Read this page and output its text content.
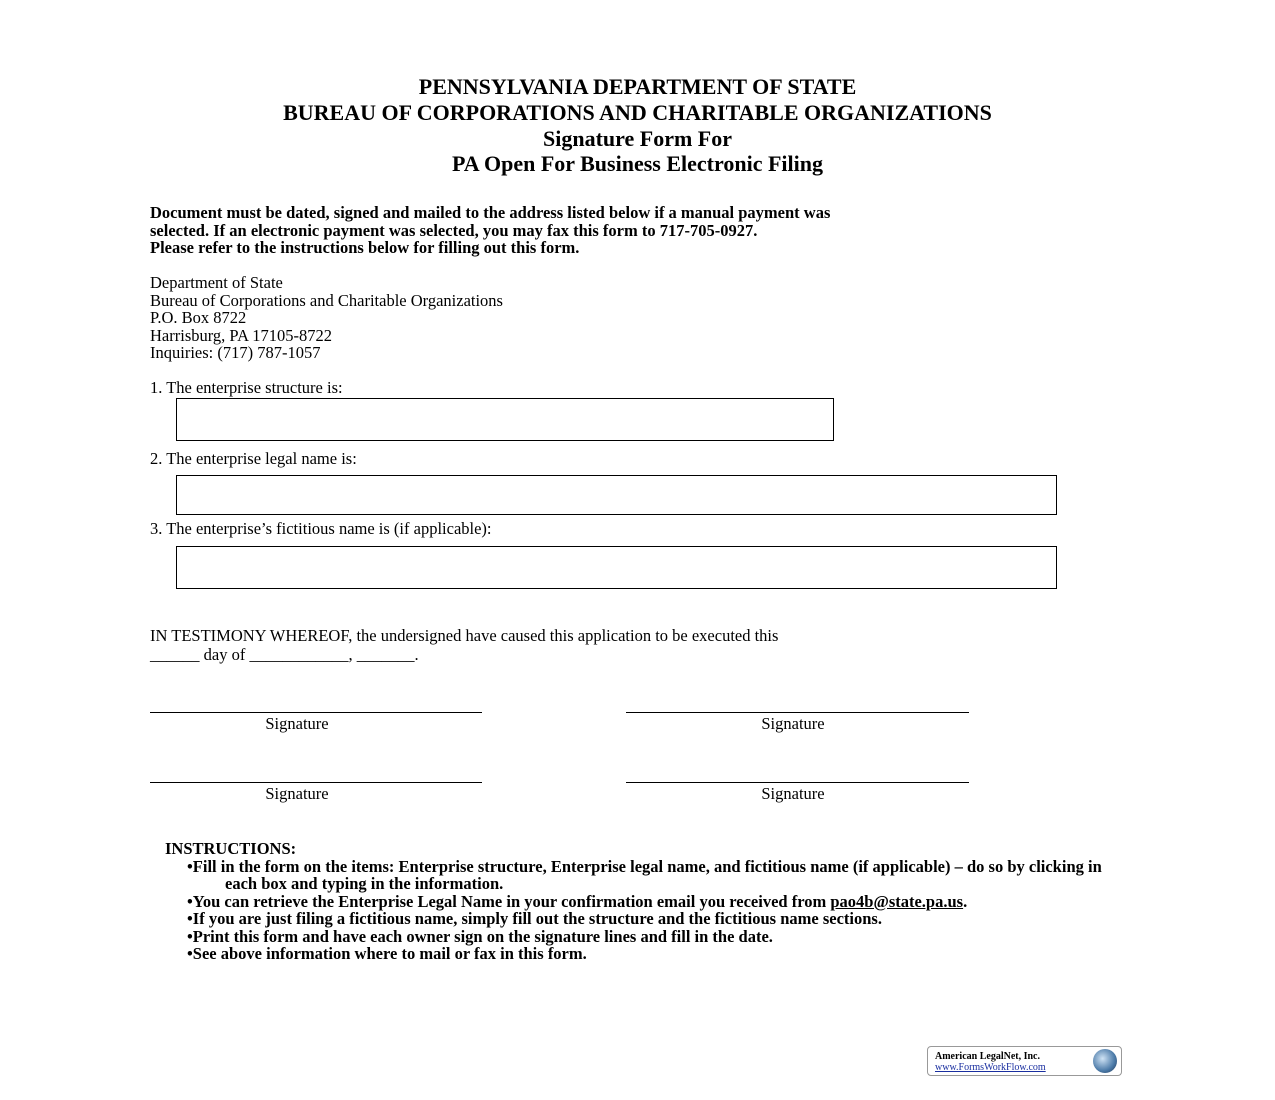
PENNSYLVANIA DEPARTMENT OF STATE
BUREAU OF CORPORATIONS AND CHARITABLE ORGANIZATIONS
Signature Form For
PA Open For Business Electronic Filing
Document must be dated, signed and mailed to the address listed below if a manual payment was
selected. If an electronic payment was selected, you may fax this form to 717-705-0927.
Please refer to the instructions below for filling out this form.
Department of State
Bureau of Corporations and Charitable Organizations
P.O. Box 8722
Harrisburg, PA 17105-8722
Inquiries: (717) 787-1057
1. The enterprise structure is:
2. The enterprise legal name is:
3. The enterprise’s fictitious name is (if applicable):
IN TESTIMONY WHEREOF, the undersigned have caused this application to be executed this
______ day of ____________, _______.
Signature	Signature
Signature	Signature
INSTRUCTIONS:
• Fill in the form on the items: Enterprise structure, Enterprise legal name, and fictitious name (if applicable) – do so by clicking in each box and typing in the information.
• You can retrieve the Enterprise Legal Name in your confirmation email you received from pao4b@state.pa.us.
• If you are just filing a fictitious name, simply fill out the structure and the fictitious name sections.
• Print this form and have each owner sign on the signature lines and fill in the date.
• See above information where to mail or fax in this form.
American LegalNet, Inc.
www.FormsWorkFlow.com
